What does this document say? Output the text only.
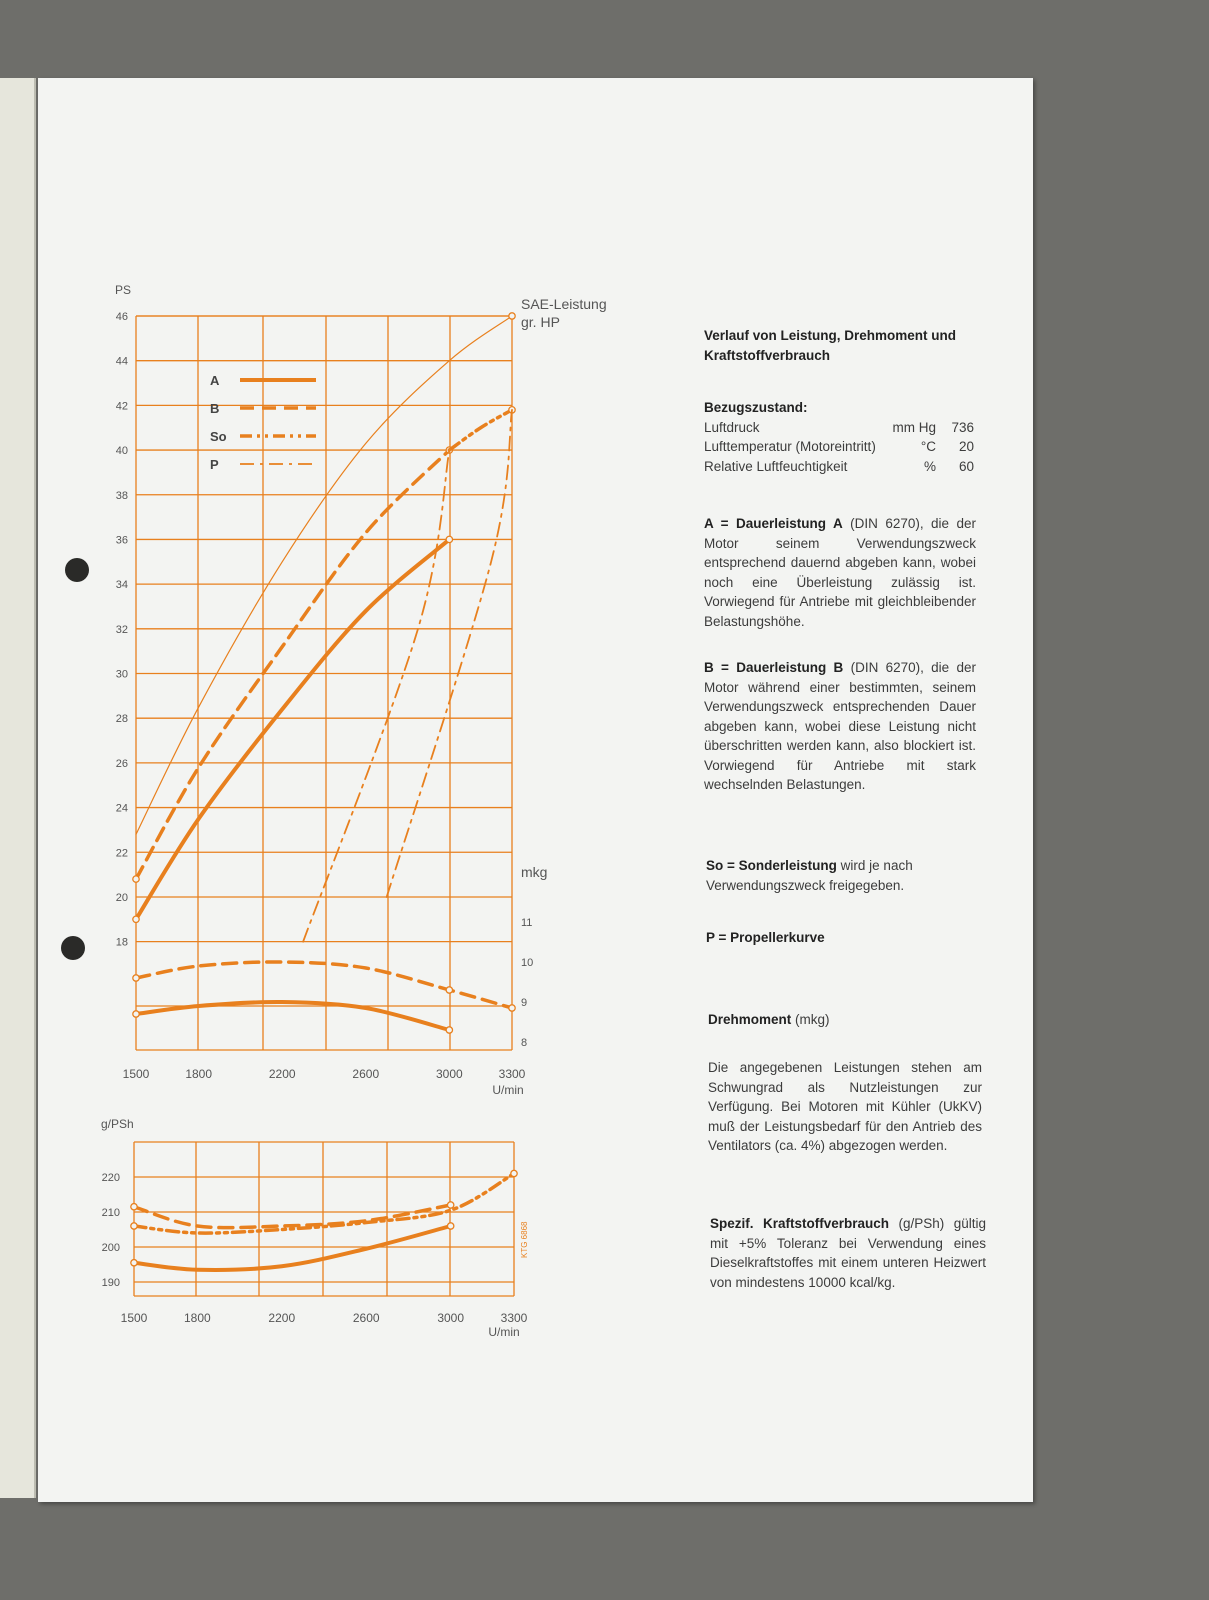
PS
18
20
22
24
26
28
30
32
34
36
38
40
42
44
46
SAE-Leistung
gr. HP
mkg
8
9
10
11
1500	1800	2200	2600	3000	3300
U/min
g/PSh
190
200
210
220
1500	1800	2200	2600	3000	3300
U/min
KTG 6868
A
B
So
P
Verlauf von Leistung, Drehmoment und Kraftstoffverbrauch
Bezugszustand:
Luftdruck	mm Hg	736
Lufttemperatur (Motoreintritt)	°C	20
Relative Luftfeuchtigkeit	%	60
A = Dauerleistung A (DIN 6270), die der Motor seinem Verwendungszweck entsprechend dauernd abgeben kann, wobei noch eine Überleistung zulässig ist. Vorwiegend für Antriebe mit gleichbleibender Belastungshöhe.
B = Dauerleistung B (DIN 6270), die der Motor während einer bestimmten, seinem Verwendungszweck entsprechenden Dauer abgeben kann, wobei diese Leistung nicht überschritten werden kann, also blockiert ist. Vorwiegend für Antriebe mit stark wechselnden Belastungen.
So = Sonderleistung wird je nach Verwendungszweck freigegeben.
P = Propellerkurve
Drehmoment (mkg)
Die angegebenen Leistungen stehen am Schwungrad als Nutzleistungen zur Verfügung. Bei Motoren mit Kühler (UkKV) muß der Leistungsbedarf für den Antrieb des Ventilators (ca. 4%) abgezogen werden.
Spezif. Kraftstoffverbrauch (g/PSh) gültig mit +5% Toleranz bei Verwendung eines Dieselkraftstoffes mit einem unteren Heizwert von mindestens 10000 kcal/kg.
